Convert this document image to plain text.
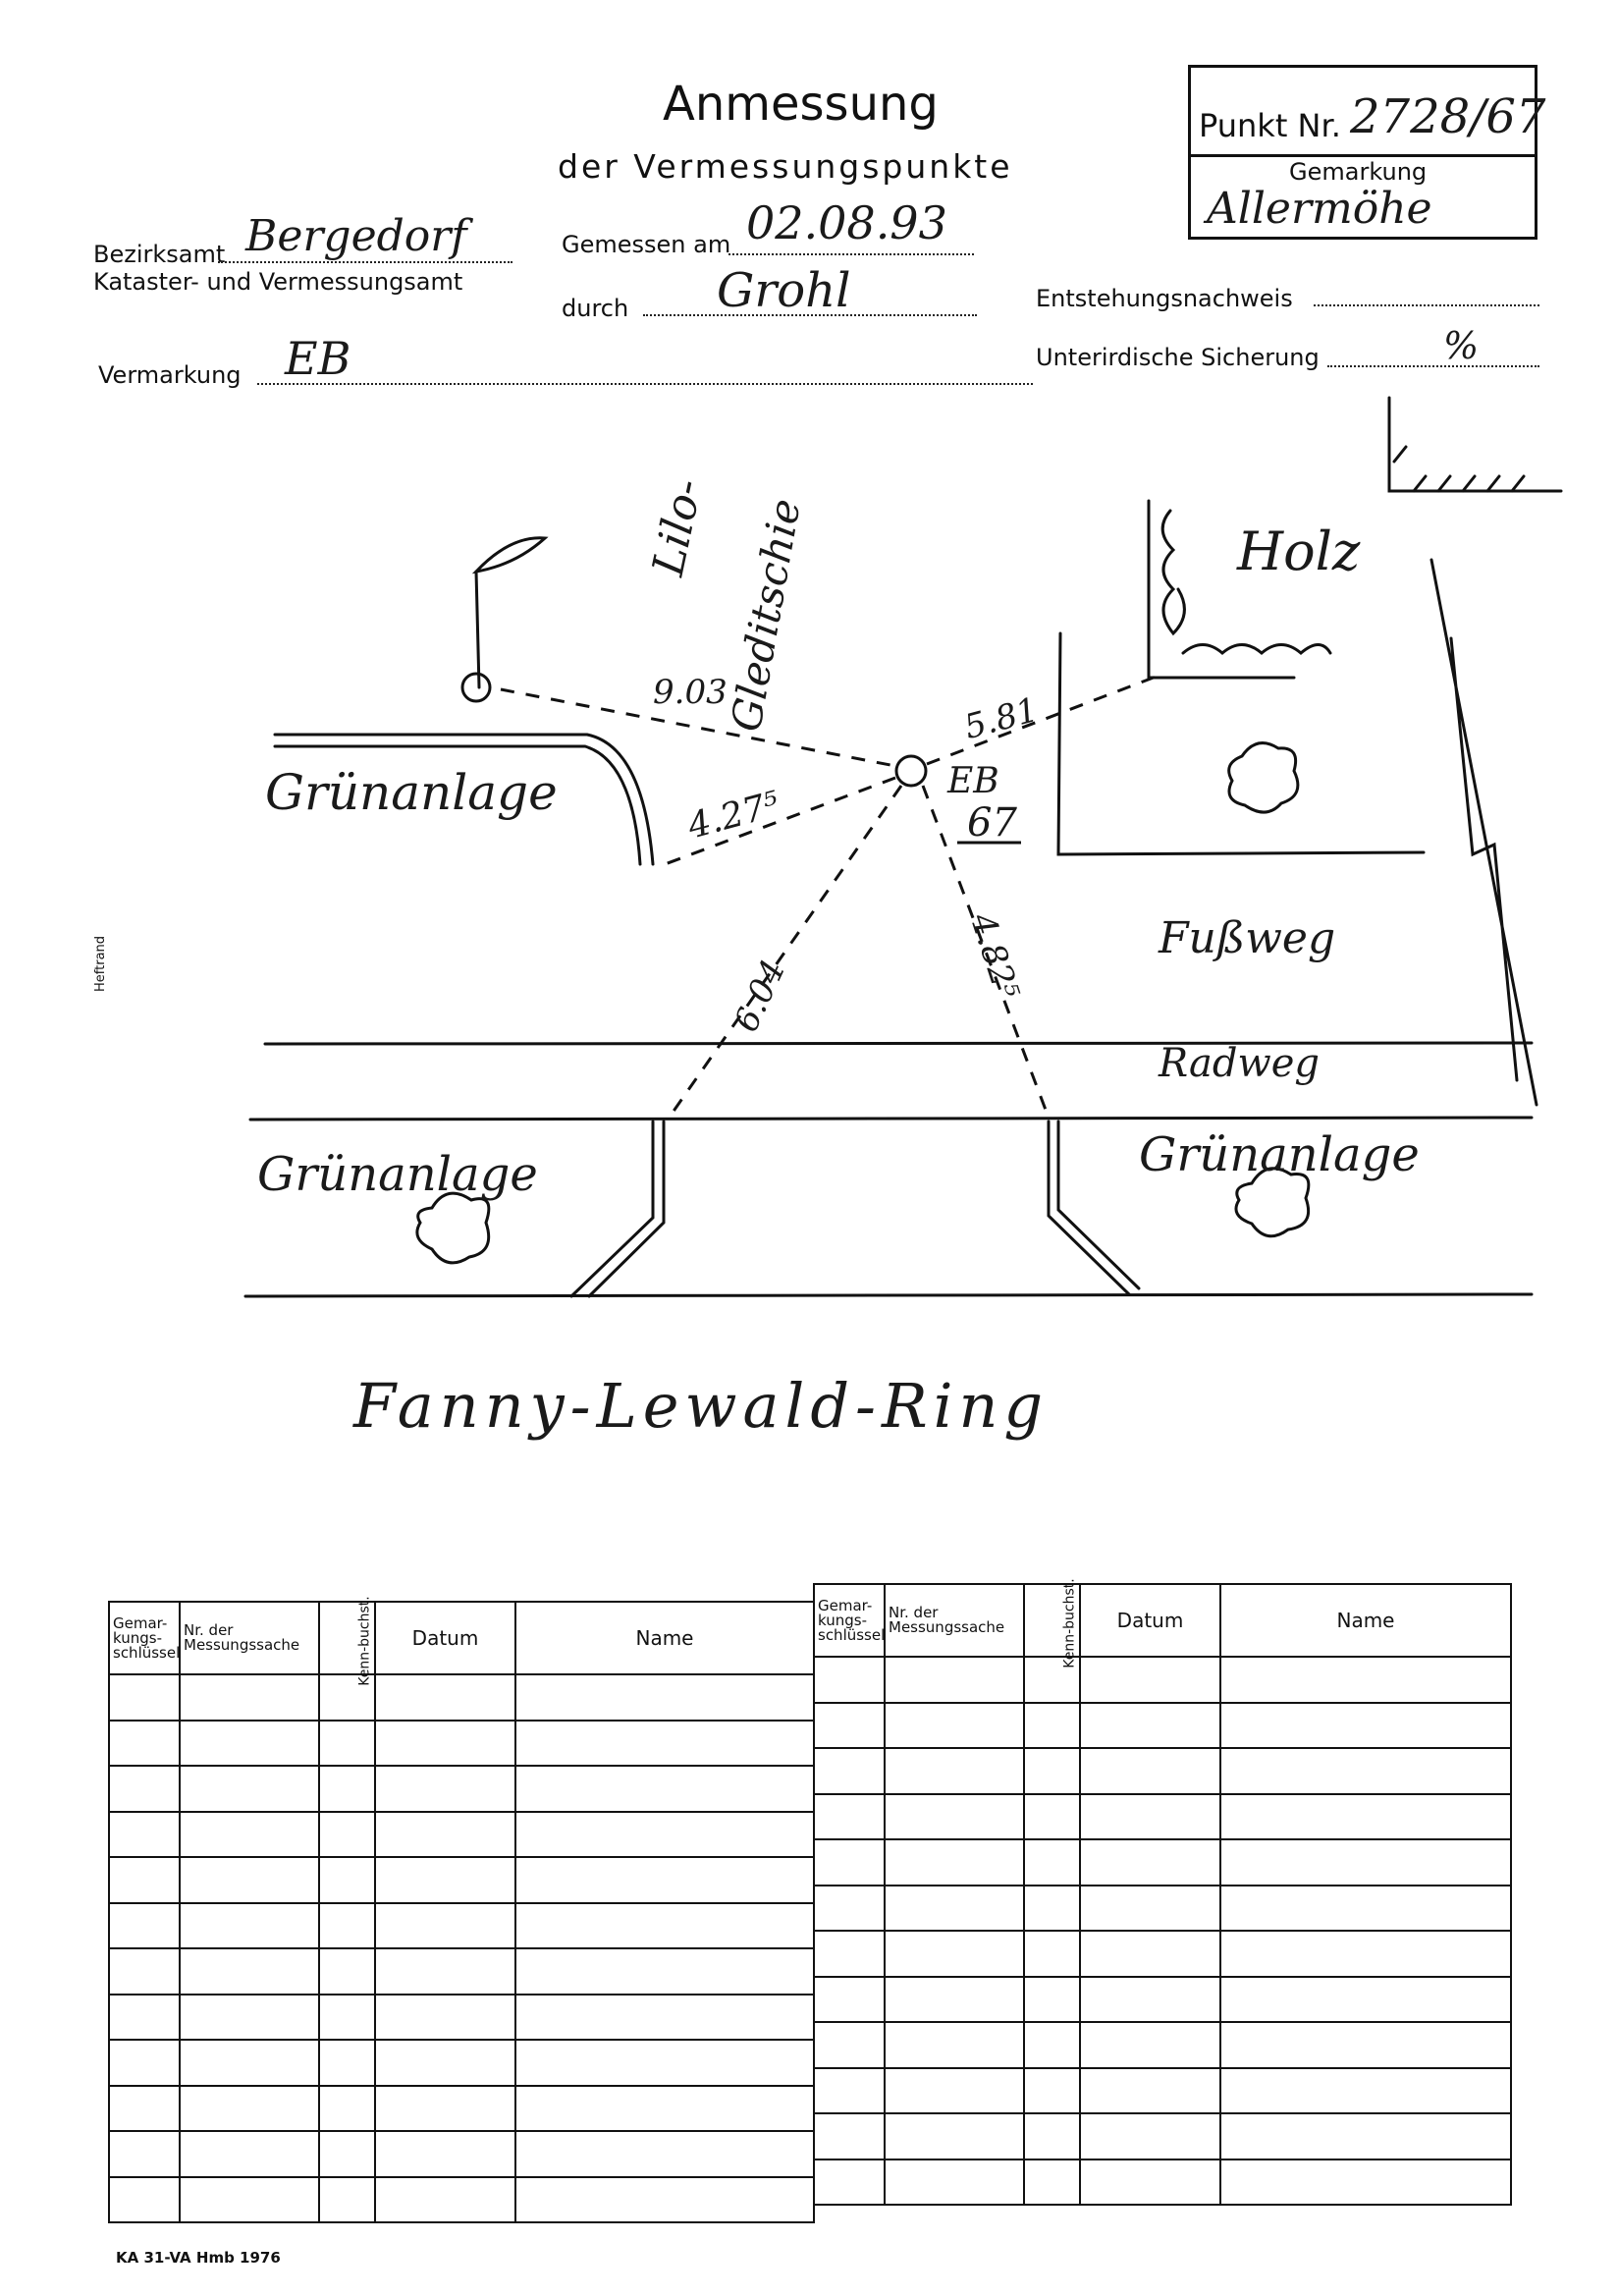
Anmessung
der Vermessungspunkte
Punkt Nr. 2728/67
Gemarkung
Allermöhe
Bezirksamt Bergedorf
Kataster- und Vermessungsamt
Vermarkung EB
Gemessen am 02.08.93
durch Grohl	Entstehungsnachweis
Unterirdische Sicherung	%
Heftrand
Holz
Grünanlage
Lilo- Gleditschie
EB
67
9.03
4.27⁵
5.81
6.04	4.82⁵	Fußweg
Radweg
Grünanlage	Grünanlage
Fanny-Lewald-Ring
Gemar-kungs-schlüssel	Nr. der Messungssache	Kenn-buchst.	Datum	Name

Gemar-kungs-schlüssel	Nr. der Messungssache	Kenn-buchst.	Datum	Name

KA 31-VA Hmb 1976
